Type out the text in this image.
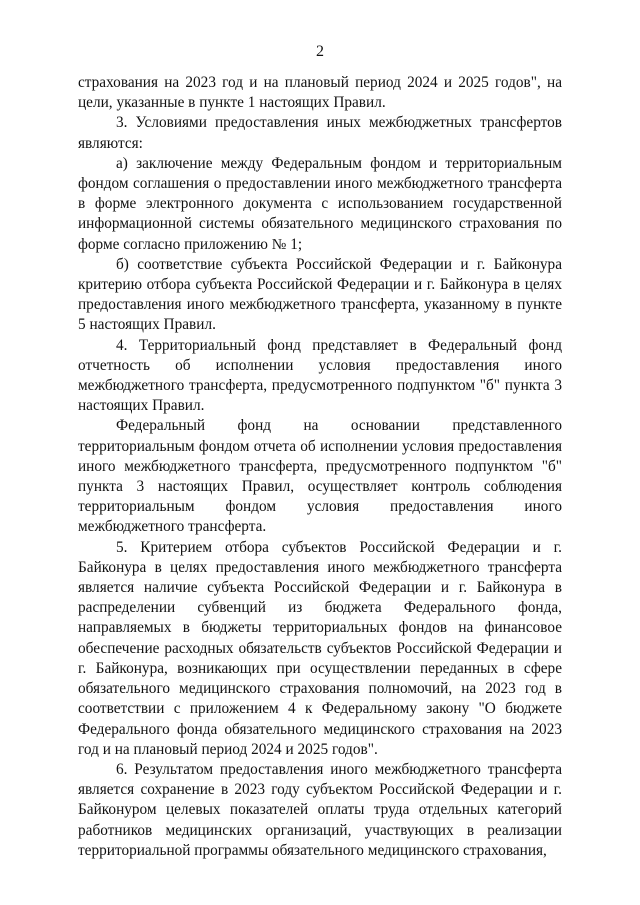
2

страхования на 2023 год и на плановый период 2024 и 2025 годов", на цели, указанные в пункте 1 настоящих Правил.

3. Условиями предоставления иных межбюджетных трансфертов являются:

а) заключение между Федеральным фондом и территориальным фондом соглашения о предоставлении иного межбюджетного трансферта в форме электронного документа с использованием государственной информационной системы обязательного медицинского страхования по форме согласно приложению № 1;

б) соответствие субъекта Российской Федерации и г. Байконура критерию отбора субъекта Российской Федерации и г. Байконура в целях предоставления иного межбюджетного трансферта, указанному в пункте 5 настоящих Правил.

4. Территориальный фонд представляет в Федеральный фонд отчетность об исполнении условия предоставления иного межбюджетного трансферта, предусмотренного подпунктом "б" пункта 3 настоящих Правил.

Федеральный фонд на основании представленного территориальным фондом отчета об исполнении условия предоставления иного межбюджетного трансферта, предусмотренного подпунктом "б" пункта 3 настоящих Правил, осуществляет контроль соблюдения территориальным фондом условия предоставления иного межбюджетного трансферта.

5. Критерием отбора субъектов Российской Федерации и г. Байконура в целях предоставления иного межбюджетного трансферта является наличие субъекта Российской Федерации и г. Байконура в распределении субвенций из бюджета Федерального фонда, направляемых в бюджеты территориальных фондов на финансовое обеспечение расходных обязательств субъектов Российской Федерации и г. Байконура, возникающих при осуществлении переданных в сфере обязательного медицинского страхования полномочий, на 2023 год в соответствии с приложением 4 к Федеральному закону "О бюджете Федерального фонда обязательного медицинского страхования на 2023 год и на плановый период 2024 и 2025 годов".

6. Результатом предоставления иного межбюджетного трансферта является сохранение в 2023 году субъектом Российской Федерации и г. Байконуром целевых показателей оплаты труда отдельных категорий работников медицинских организаций, участвующих в реализации территориальной программы обязательного медицинского страхования,
